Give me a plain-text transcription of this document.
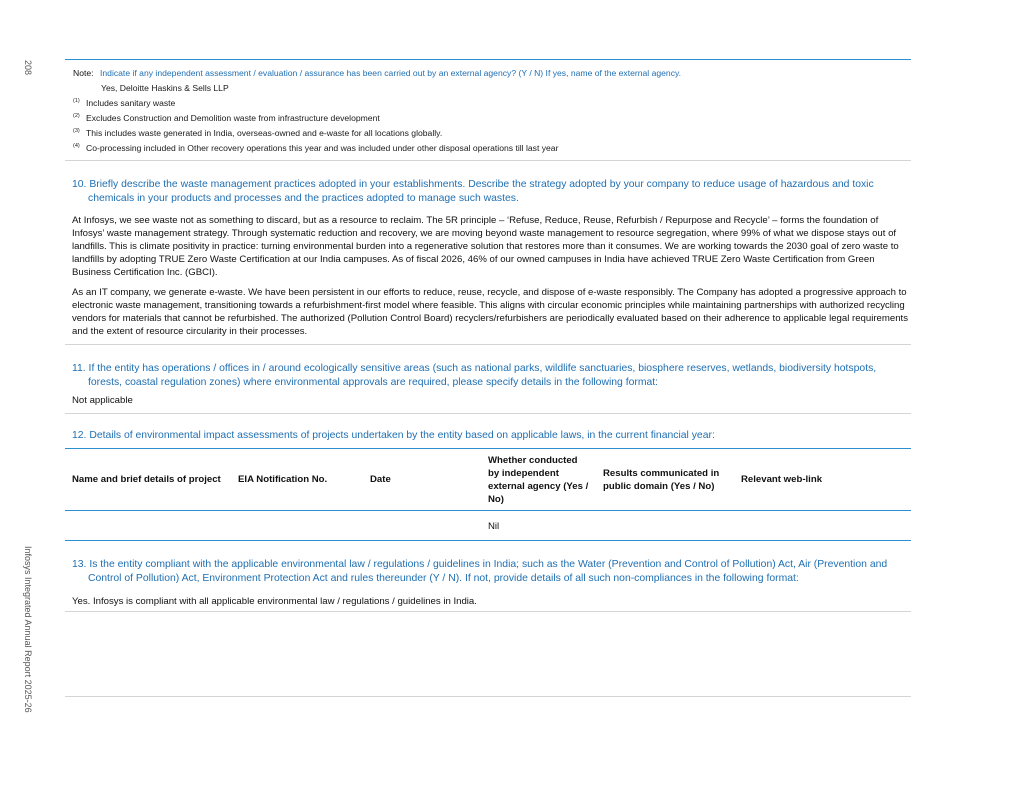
208
Infosys Integrated Annual Report 2025-26
Note: Indicate if any independent assessment / evaluation / assurance has been carried out by an external agency? (Y / N) If yes, name of the external agency.
Yes, Deloitte Haskins & Sells LLP
(1) Includes sanitary waste
(2) Excludes Construction and Demolition waste from infrastructure development
(3) This includes waste generated in India, overseas-owned and e-waste for all locations globally.
(4) Co-processing included in Other recovery operations this year and was included under other disposal operations till last year

10. Briefly describe the waste management practices adopted in your establishments. Describe the strategy adopted by your company to reduce usage of hazardous and toxic chemicals in your products and processes and the practices adopted to manage such wastes.

At Infosys, we see waste not as something to discard, but as a resource to reclaim. The 5R principle – ‘Refuse, Reduce, Reuse, Refurbish / Repurpose and Recycle’ – forms the foundation of Infosys’ waste management strategy. Through systematic reduction and recovery, we are moving beyond waste management to resource segregation, where 99% of what we dispose stays out of landfills. This is climate positivity in practice: turning environmental burden into a regenerative solution that restores more than it consumes. We are working towards the 2030 goal of zero waste to landfills by adopting TRUE Zero Waste Certification at our India campuses. As of fiscal 2026, 46% of our owned campuses in India have achieved TRUE Zero Waste Certification from Green Business Certification Inc. (GBCI).

As an IT company, we generate e-waste. We have been persistent in our efforts to reduce, reuse, recycle, and dispose of e-waste responsibly. The Company has adopted a progressive approach to electronic waste management, transitioning towards a refurbishment-first model where feasible. This aligns with circular economic principles while maintaining partnerships with authorized recycling vendors for materials that cannot be refurbished. The authorized (Pollution Control Board) recyclers/refurbishers are periodically evaluated based on their adherence to applicable legal requirements and the extent of resource circularity in their processes.

11. If the entity has operations / offices in / around ecologically sensitive areas (such as national parks, wildlife sanctuaries, biosphere reserves, wetlands, biodiversity hotspots, forests, coastal regulation zones) where environmental approvals are required, please specify details in the following format:

Not applicable

12. Details of environmental impact assessments of projects undertaken by the entity based on applicable laws, in the current financial year:

Name and brief details of project	EIA Notification No.	Date	Whether conducted by independent external agency (Yes / No)	Results communicated in public domain (Yes / No)	Relevant web-link
			Nil		

13. Is the entity compliant with the applicable environmental law / regulations / guidelines in India; such as the Water (Prevention and Control of Pollution) Act, Air (Prevention and Control of Pollution) Act, Environment Protection Act and rules thereunder (Y / N). If not, provide details of all such non-compliances in the following format:

Yes. Infosys is compliant with all applicable environmental law / regulations / guidelines in India.
